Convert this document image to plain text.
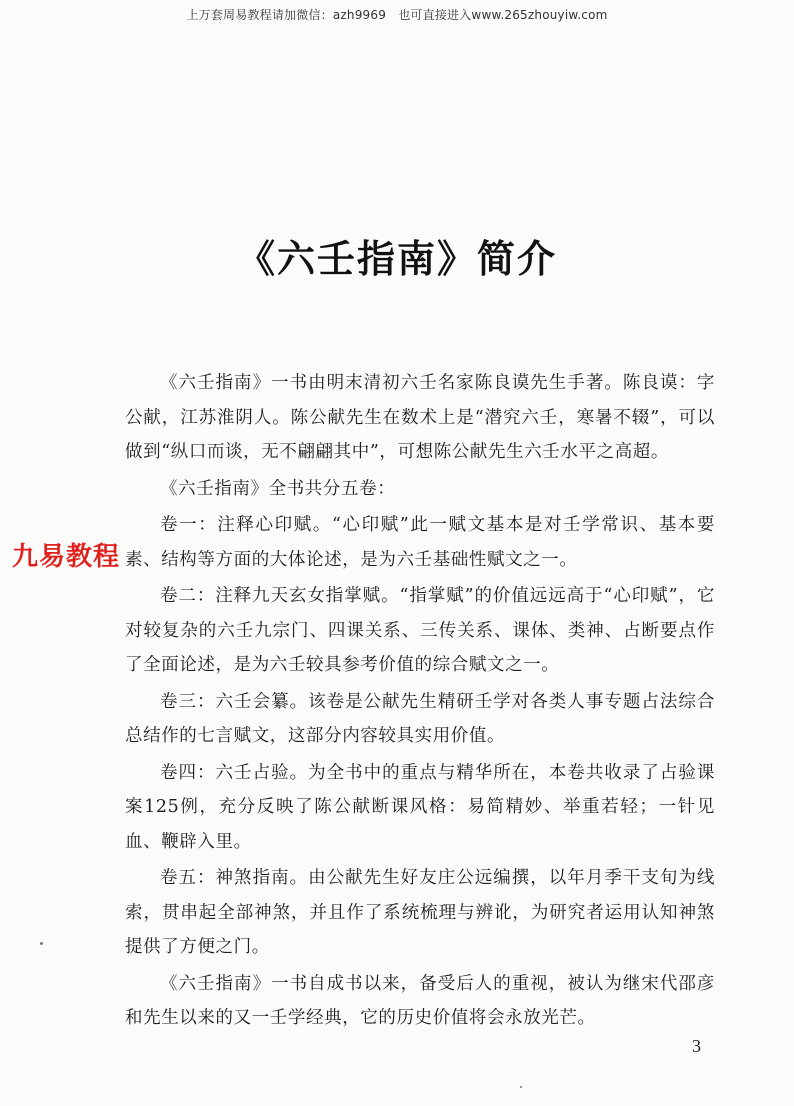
上万套周易教程请加微信：azh9969　也可直接进入www.265zhouyiw.com
《六壬指南》简介

《六壬指南》一书由明末清初六壬名家陈良谟先生手著。陈良谟：字公献，江苏淮阴人。陈公献先生在数术上是“潜究六壬，寒暑不辍”，可以做到“纵口而谈，无不翩翩其中”，可想陈公献先生六壬水平之高超。

《六壬指南》全书共分五卷：

卷一：注释心印赋。“心印赋”此一赋文基本是对壬学常识、基本要素、结构等方面的大体论述，是为六壬基础性赋文之一。

卷二：注释九天玄女指掌赋。“指掌赋”的价值远远高于“心印赋”，它对较复杂的六壬九宗门、四课关系、三传关系、课体、类神、占断要点作了全面论述，是为六壬较具参考价值的综合赋文之一。

卷三：六壬会纂。该卷是公献先生精研壬学对各类人事专题占法综合总结作的七言赋文，这部分内容较具实用价值。

卷四：六壬占验。为全书中的重点与精华所在，本卷共收录了占验课案125例，充分反映了陈公献断课风格：易简精妙、举重若轻；一针见血、鞭辟入里。

卷五：神煞指南。由公献先生好友庄公远编撰，以年月季干支旬为线索，贯串起全部神煞，并且作了系统梳理与辨讹，为研究者运用认知神煞提供了方便之门。

《六壬指南》一书自成书以来，备受后人的重视，被认为继宋代邵彦和先生以来的又一壬学经典，它的历史价值将会永放光芒。

九易教程
3
